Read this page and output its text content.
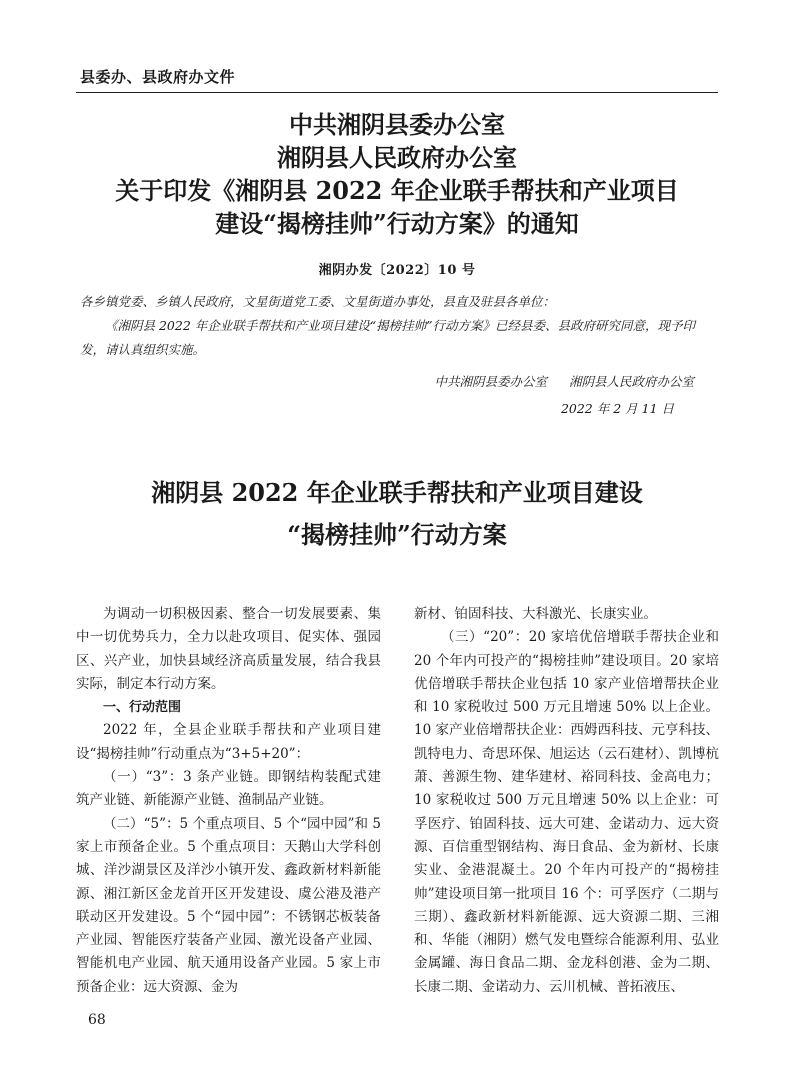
县委办、县政府办文件
中共湘阴县委办公室
湘阴县人民政府办公室
关于印发《湘阴县 2022 年企业联手帮扶和产业项目
建设“揭榜挂帅”行动方案》的通知
湘阴办发〔2022〕10 号

各乡镇党委、乡镇人民政府，文星街道党工委、文星街道办事处，县直及驻县各单位：

《湘阴县 2022 年企业联手帮扶和产业项目建设“揭榜挂帅”行动方案》已经县委、县政府研究同意，现予印发，请认真组织实施。

中共湘阴县委办公室 湘阴县人民政府办公室
2022 年 2 月 11 日
湘阴县 2022 年企业联手帮扶和产业项目建设
“揭榜挂帅”行动方案

为调动一切积极因素、整合一切发展要素、集中一切优势兵力，全力以赴攻项目、促实体、强园区、兴产业，加快县域经济高质量发展，结合我县实际，制定本行动方案。

一、行动范围

2022 年，全县企业联手帮扶和产业项目建设“揭榜挂帅”行动重点为“3+5+20”：

（一）“3”：3 条产业链。即钢结构装配式建筑产业链、新能源产业链、渔制品产业链。

（二）“5”：5 个重点项目、5 个“园中园”和 5 家上市预备企业。5 个重点项目：天鹅山大学科创城、洋沙湖景区及洋沙小镇开发、鑫政新材料新能源、湘江新区金龙首开区开发建设、虞公港及港产联动区开发建设。5 个“园中园”：不锈钢芯板装备产业园、智能医疗装备产业园、激光设备产业园、智能机电产业园、航天通用设备产业园。5 家上市预备企业：远大资源、金为

新材、铂固科技、大科激光、长康实业。

（三）“20”：20 家培优倍增联手帮扶企业和 20 个年内可投产的“揭榜挂帅”建设项目。20 家培优倍增联手帮扶企业包括 10 家产业倍增帮扶企业和 10 家税收过 500 万元且增速 50% 以上企业。10 家产业倍增帮扶企业：西姆西科技、元亨科技、凯特电力、奇思环保、旭运达（云石建材）、凯博杭萧、善源生物、建华建材、裕同科技、金高电力；10 家税收过 500 万元且增速 50% 以上企业：可孚医疗、铂固科技、远大可建、金诺动力、远大资源、百信重型钢结构、海日食品、金为新材、长康实业、金港混凝土。20 个年内可投产的“揭榜挂帅”建设项目第一批项目 16 个：可孚医疗（二期与三期）、鑫政新材料新能源、远大资源二期、三湘和、华能（湘阴）燃气发电暨综合能源利用、弘业金属罐、海日食品二期、金龙科创港、金为二期、长康二期、金诺动力、云川机械、普拓液压、

68
